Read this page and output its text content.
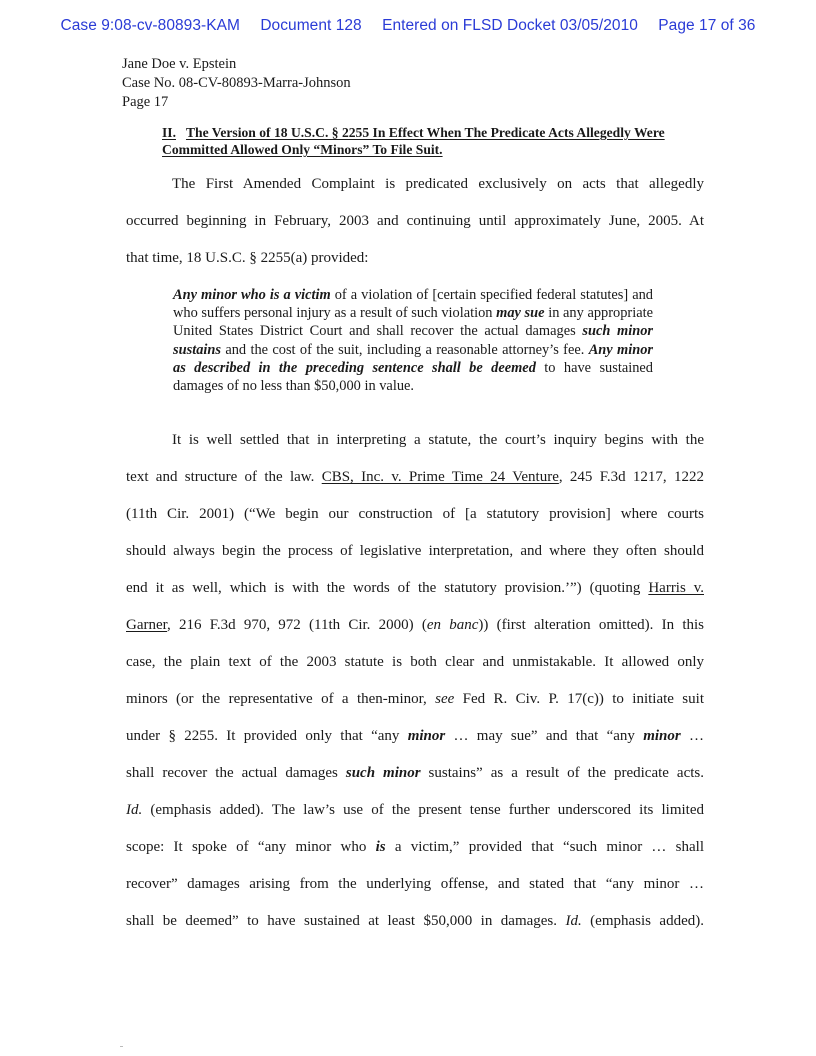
Case 9:08-cv-80893-KAM Document 128 Entered on FLSD Docket 03/05/2010 Page 17 of 36
Jane Doe v. Epstein
Case No. 08-CV-80893-Marra-Johnson
Page 17
II. The Version of 18 U.S.C. § 2255 In Effect When The Predicate Acts Allegedly Were Committed Allowed Only “Minors” To File Suit.
The First Amended Complaint is predicated exclusively on acts that allegedly
occurred beginning in February, 2003 and continuing until approximately June, 2005. At
that time, 18 U.S.C. § 2255(a) provided:
Any minor who is a victim of a violation of [certain specified federal statutes] and who suffers personal injury as a result of such violation may sue in any appropriate United States District Court and shall recover the actual damages such minor sustains and the cost of the suit, including a reasonable attorney’s fee. Any minor as described in the preceding sentence shall be deemed to have sustained damages of no less than $50,000 in value.
It is well settled that in interpreting a statute, the court’s inquiry begins with the
text and structure of the law. CBS, Inc. v. Prime Time 24 Venture, 245 F.3d 1217, 1222
(11th Cir. 2001) (“We begin our construction of [a statutory provision] where courts
should always begin the process of legislative interpretation, and where they often should
end it as well, which is with the words of the statutory provision.’”) (quoting Harris v.
Garner, 216 F.3d 970, 972 (11th Cir. 2000) (en banc)) (first alteration omitted). In this
case, the plain text of the 2003 statute is both clear and unmistakable. It allowed only
minors (or the representative of a then-minor, see Fed R. Civ. P. 17(c)) to initiate suit
under § 2255. It provided only that “any minor … may sue” and that “any minor …
shall recover the actual damages such minor sustains” as a result of the predicate acts.
Id. (emphasis added). The law’s use of the present tense further underscored its limited
scope: It spoke of “any minor who is a victim,” provided that “such minor … shall
recover” damages arising from the underlying offense, and stated that “any minor …
shall be deemed” to have sustained at least $50,000 in damages. Id. (emphasis added).
